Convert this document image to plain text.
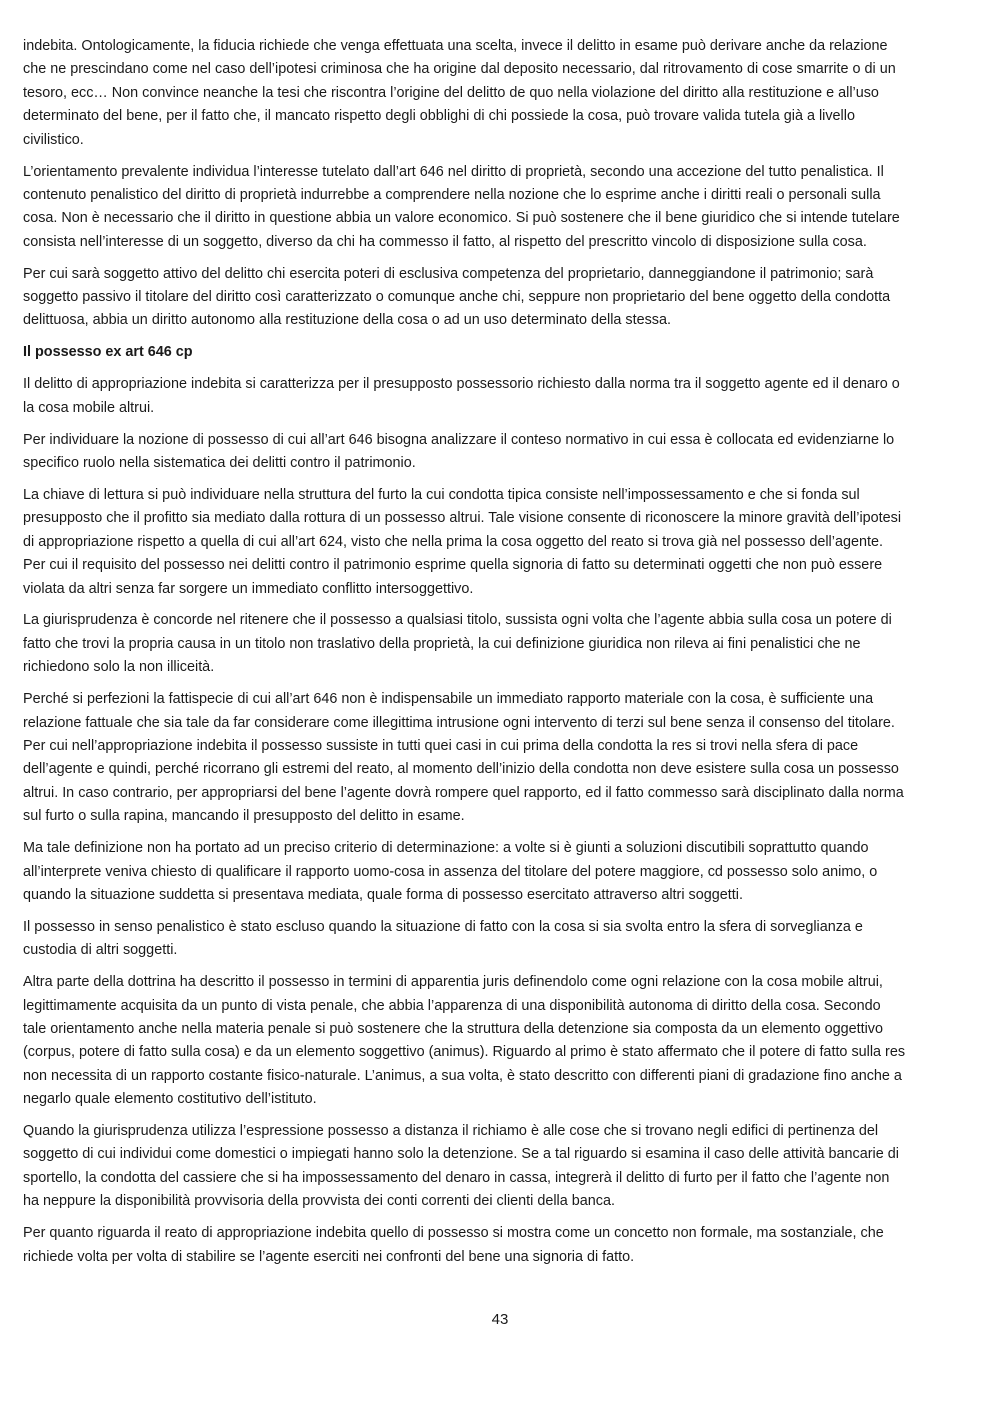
indebita. Ontologicamente, la fiducia richiede che venga effettuata una scelta, invece il delitto in esame può derivare anche da relazione che ne prescindano come nel caso dell’ipotesi criminosa che ha origine dal deposito necessario, dal ritrovamento di cose smarrite o di un tesoro, ecc… Non convince neanche la tesi che riscontra l’origine del delitto de quo nella violazione del diritto alla restituzione e all’uso determinato del bene, per il fatto che, il mancato rispetto degli obblighi di chi possiede la cosa, può trovare valida tutela già a livello civilistico.

L’orientamento prevalente individua l’interesse tutelato dall’art 646 nel diritto di proprietà, secondo una accezione del tutto penalistica. Il contenuto penalistico del diritto di proprietà indurrebbe a comprendere nella nozione che lo esprime anche i diritti reali o personali sulla cosa. Non è necessario che il diritto in questione abbia un valore economico. Si può sostenere che il bene giuridico che si intende tutelare consista nell’interesse di un soggetto, diverso da chi ha commesso il fatto, al rispetto del prescritto vincolo di disposizione sulla cosa.

Per cui sarà soggetto attivo del delitto chi esercita poteri di esclusiva competenza del proprietario, danneggiandone il patrimonio; sarà soggetto passivo il titolare del diritto così caratterizzato o comunque anche chi, seppure non proprietario del bene oggetto della condotta delittuosa, abbia un diritto autonomo alla restituzione della cosa o ad un uso determinato della stessa.

Il possesso ex art 646 cp

Il delitto di appropriazione indebita si caratterizza per il presupposto possessorio richiesto dalla norma tra il soggetto agente ed il denaro o la cosa mobile altrui.

Per individuare la nozione di possesso di cui all’art 646 bisogna analizzare il conteso normativo in cui essa è collocata ed evidenziarne lo specifico ruolo nella sistematica dei delitti contro il patrimonio.

La chiave di lettura si può individuare nella struttura del furto la cui condotta tipica consiste nell’impossessamento e che si fonda sul presupposto che il profitto sia mediato dalla rottura di un possesso altrui. Tale visione consente di riconoscere la minore gravità dell’ipotesi di appropriazione rispetto a quella di cui all’art 624, visto che nella prima la cosa oggetto del reato si trova già nel possesso dell’agente. Per cui il requisito del possesso nei delitti contro il patrimonio esprime quella signoria di fatto su determinati oggetti che non può essere violata da altri senza far sorgere un immediato conflitto intersoggettivo.

La giurisprudenza è concorde nel ritenere che il possesso a qualsiasi titolo, sussista ogni volta che l’agente abbia sulla cosa un potere di fatto che trovi la propria causa in un titolo non traslativo della proprietà, la cui definizione giuridica non rileva ai fini penalistici che ne richiedono solo la non illiceità.

Perché si perfezioni la fattispecie di cui all’art 646 non è indispensabile un immediato rapporto materiale con la cosa, è sufficiente una relazione fattuale che sia tale da far considerare come illegittima intrusione ogni intervento di terzi sul bene senza il consenso del titolare. Per cui nell’appropriazione indebita il possesso sussiste in tutti quei casi in cui prima della condotta la res si trovi nella sfera di pace dell’agente e quindi, perché ricorrano gli estremi del reato, al momento dell’inizio della condotta non deve esistere sulla cosa un possesso altrui. In caso contrario, per appropriarsi del bene l’agente dovrà rompere quel rapporto, ed il fatto commesso sarà disciplinato dalla norma sul furto o sulla rapina, mancando il presupposto del delitto in esame.

Ma tale definizione non ha portato ad un preciso criterio di determinazione: a volte si è giunti a soluzioni discutibili soprattutto quando all’interprete veniva chiesto di qualificare il rapporto uomo-cosa in assenza del titolare del potere maggiore, cd possesso solo animo, o quando la situazione suddetta si presentava mediata, quale forma di possesso esercitato attraverso altri soggetti.

Il possesso in senso penalistico è stato escluso quando la situazione di fatto con la cosa si sia svolta entro la sfera di sorveglianza e custodia di altri soggetti.

Altra parte della dottrina ha descritto il possesso in termini di apparentia juris definendolo come ogni relazione con la cosa mobile altrui, legittimamente acquisita da un punto di vista penale, che abbia l’apparenza di una disponibilità autonoma di diritto della cosa. Secondo tale orientamento anche nella materia penale si può sostenere che la struttura della detenzione sia composta da un elemento oggettivo (corpus, potere di fatto sulla cosa) e da un elemento soggettivo (animus). Riguardo al primo è stato affermato che il potere di fatto sulla res non necessita di un rapporto costante fisico-naturale. L’animus, a sua volta, è stato descritto con differenti piani di gradazione fino anche a negarlo quale elemento costitutivo dell’istituto.

Quando la giurisprudenza utilizza l’espressione possesso a distanza il richiamo è alle cose che si trovano negli edifici di pertinenza del soggetto di cui individui come domestici o impiegati hanno solo la detenzione. Se a tal riguardo si esamina il caso delle attività bancarie di sportello, la condotta del cassiere che si ha impossessamento del denaro in cassa, integrerà il delitto di furto per il fatto che l’agente non ha neppure la disponibilità provvisoria della provvista dei conti correnti dei clienti della banca.

Per quanto riguarda il reato di appropriazione indebita quello di possesso si mostra come un concetto non formale, ma sostanziale, che richiede volta per volta di stabilire se l’agente eserciti nei confronti del bene una signoria di fatto.

43
